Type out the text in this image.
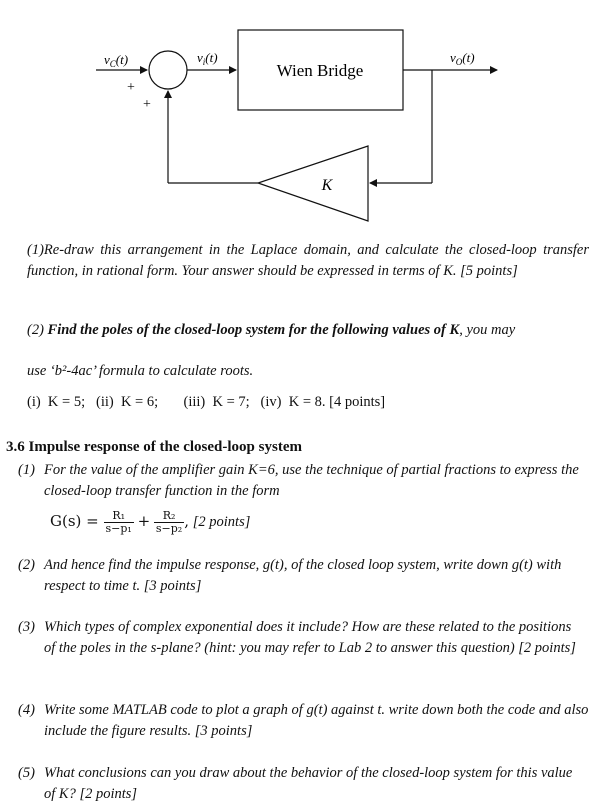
$v_C(t)$
+
+
$v_i(t)$
Wien Bridge
$v_O(t)$
K
(1)Re-draw this arrangement in the Laplace domain, and calculate the closed-loop transfer function, in rational form. Your answer should be expressed in terms of K. [5 points]
(2) Find the poles of the closed-loop system for the following values of K, you may
use ‘b²-4ac’ formula to calculate roots.
(i)  K = 5;   (ii)  K = 6;       (iii)  K = 7;   (iv)  K = 8. [4 points]
3.6 Impulse response of the closed-loop system
(1) For the value of the amplifier gain K=6, use the technique of partial fractions to express the closed-loop transfer function in the form
$G(s) = \frac{\text{R₁}}{\text{s−p₁}} + \frac{\text{R₂}}{\text{s−p₂}}$ , [2 points]
(2) And hence find the impulse response, g(t), of the closed loop system, write down g(t) with respect to time t. [3 points]
(3) Which types of complex exponential does it include? How are these related to the positions of the poles in the s-plane? (hint: you may refer to Lab 2 to answer this question) [2 points]
(4) Write some MATLAB code to plot a graph of g(t) against t. write down both the code and also include the figure results. [3 points]
(5) What conclusions can you draw about the behavior of the closed-loop system for this value of K? [2 points]
